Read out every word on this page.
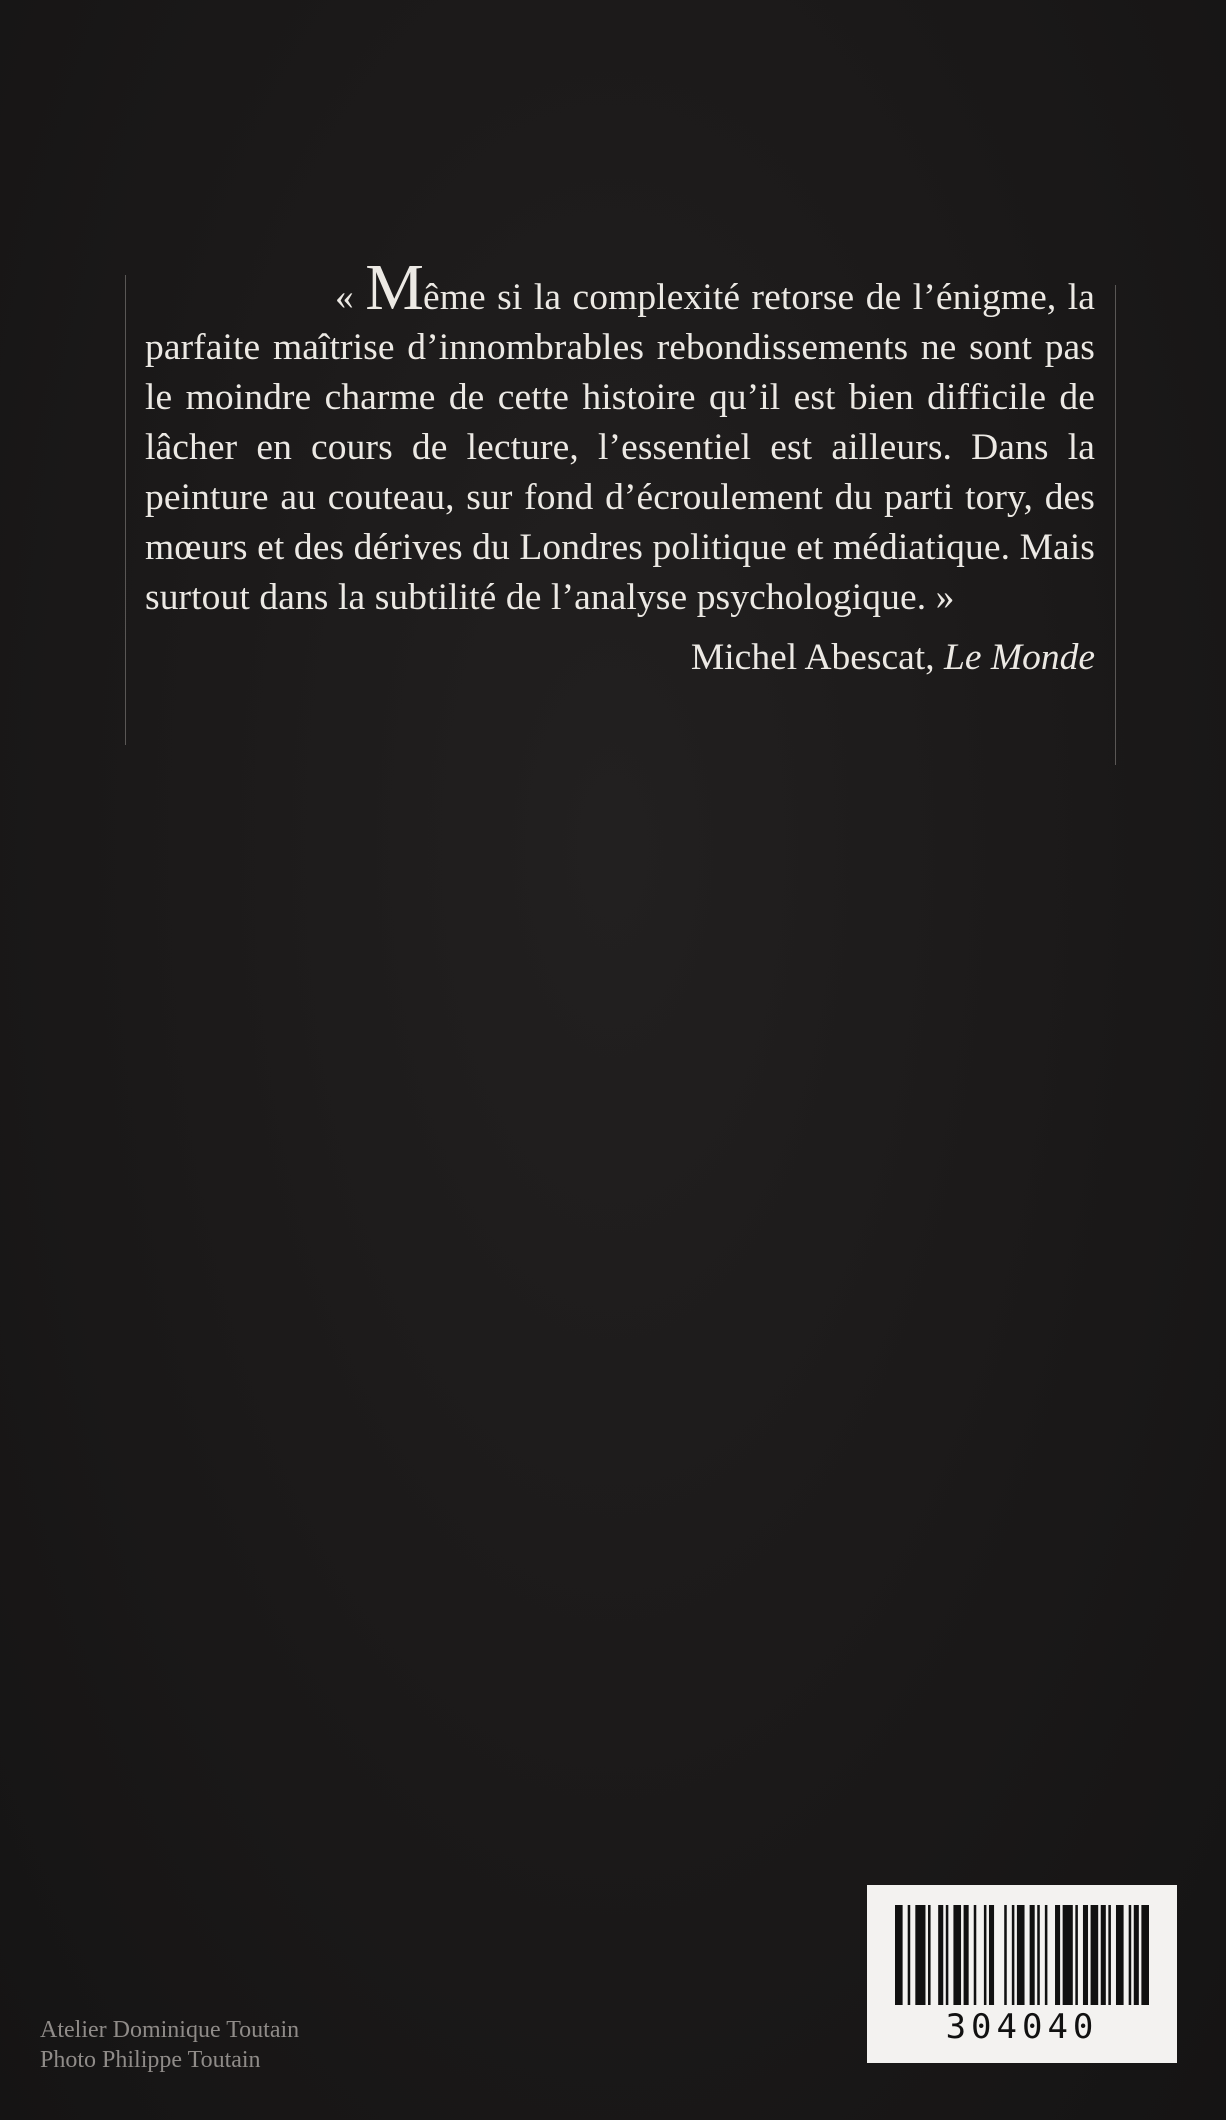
« Même si la complexité retorse de l’énigme, la parfaite maîtrise d’innombrables rebondissements ne sont pas le moindre charme de cette histoire qu’il est bien difficile de lâcher en cours de lecture, l’essentiel est ailleurs. Dans la peinture au couteau, sur fond d’écroulement du parti tory, des mœurs et des dérives du Londres politique et médiatique. Mais surtout dans la subtilité de l’analyse psychologique. »

Michel Abescat, Le Monde

Atelier Dominique Toutain
Photo Philippe Toutain
304040
